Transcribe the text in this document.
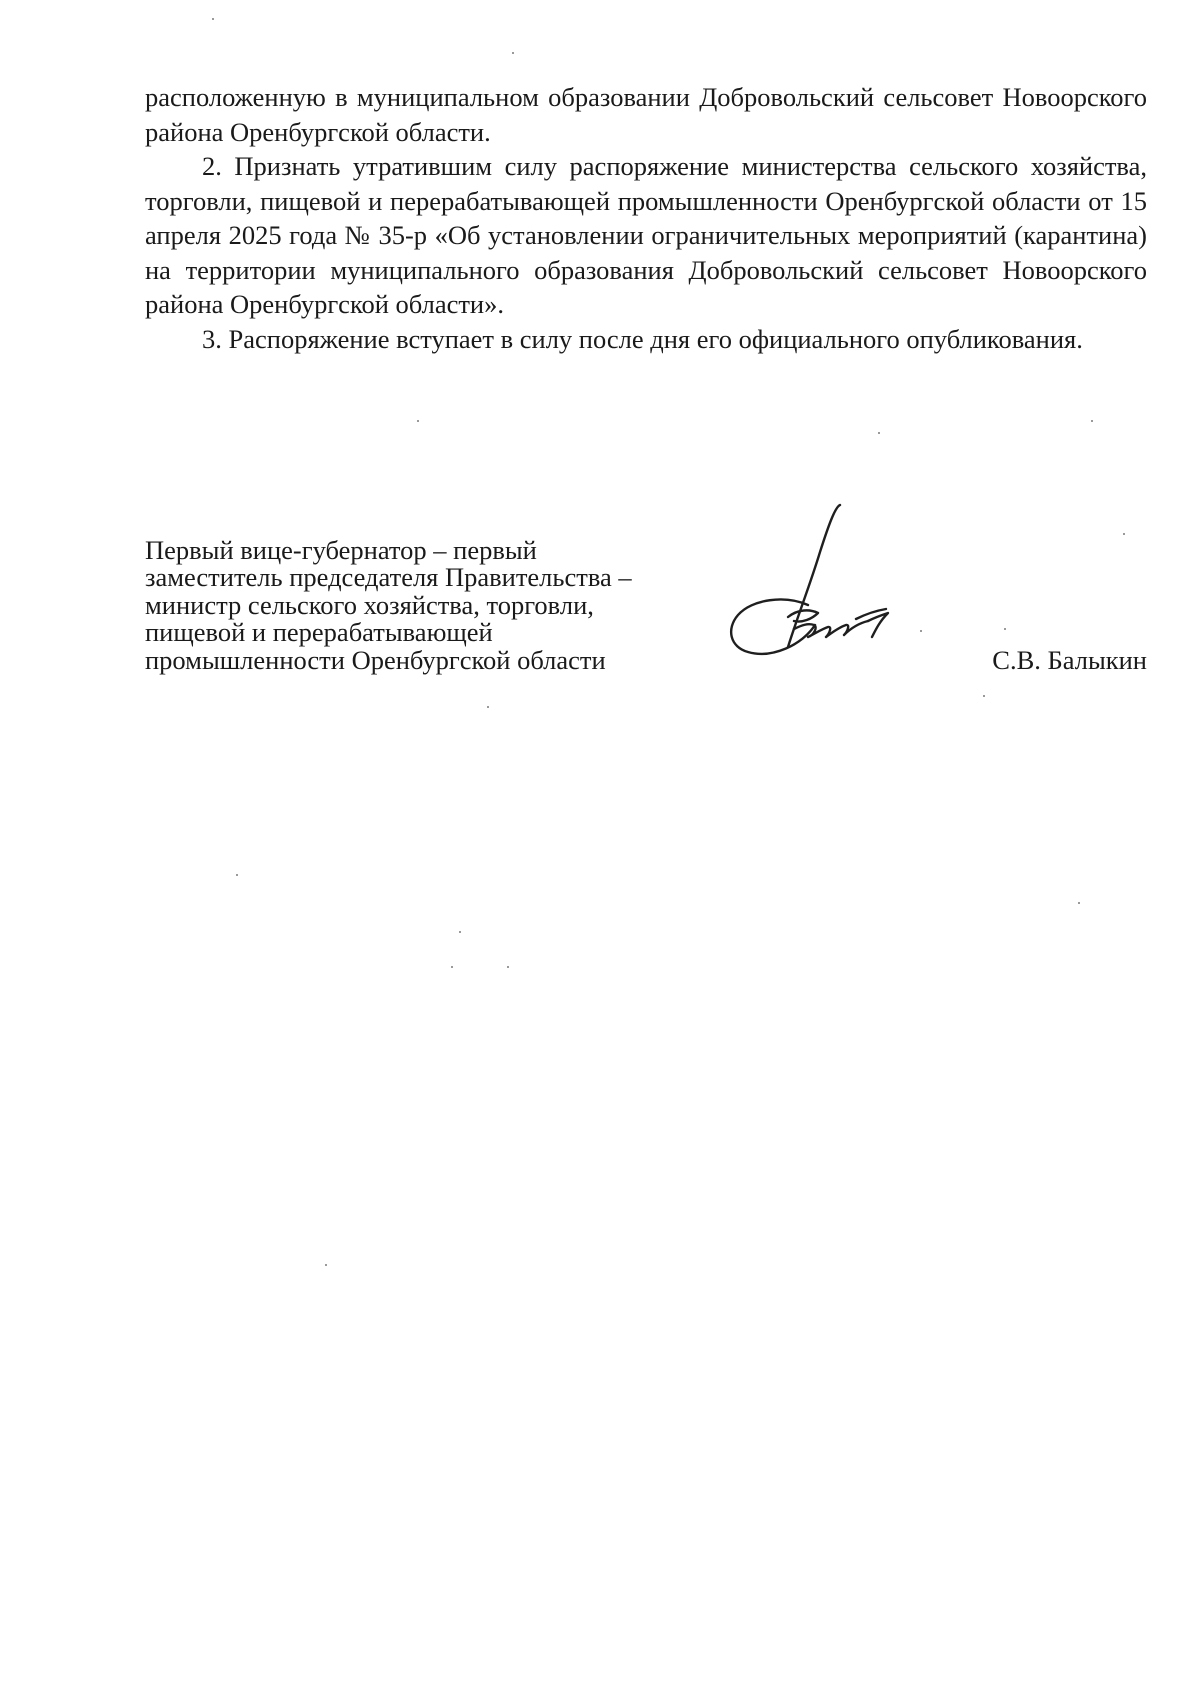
расположенную в муниципальном образовании Добровольский сельсовет Новоорского района Оренбургской области.

2. Признать утратившим силу распоряжение министерства сельского хозяйства, торговли, пищевой и перерабатывающей промышленности Оренбургской области от 15 апреля 2025 года № 35-р «Об установлении ограничительных мероприятий (карантина) на территории муниципального образования Добровольский сельсовет Новоорского района Оренбургской области».

3. Распоряжение вступает в силу после дня его официального опубликования.

Первый вице-губернатор – первый
заместитель председателя Правительства –
министр сельского хозяйства, торговли,
пищевой и перерабатывающей
промышленности Оренбургской области	С.В. Балыкин
